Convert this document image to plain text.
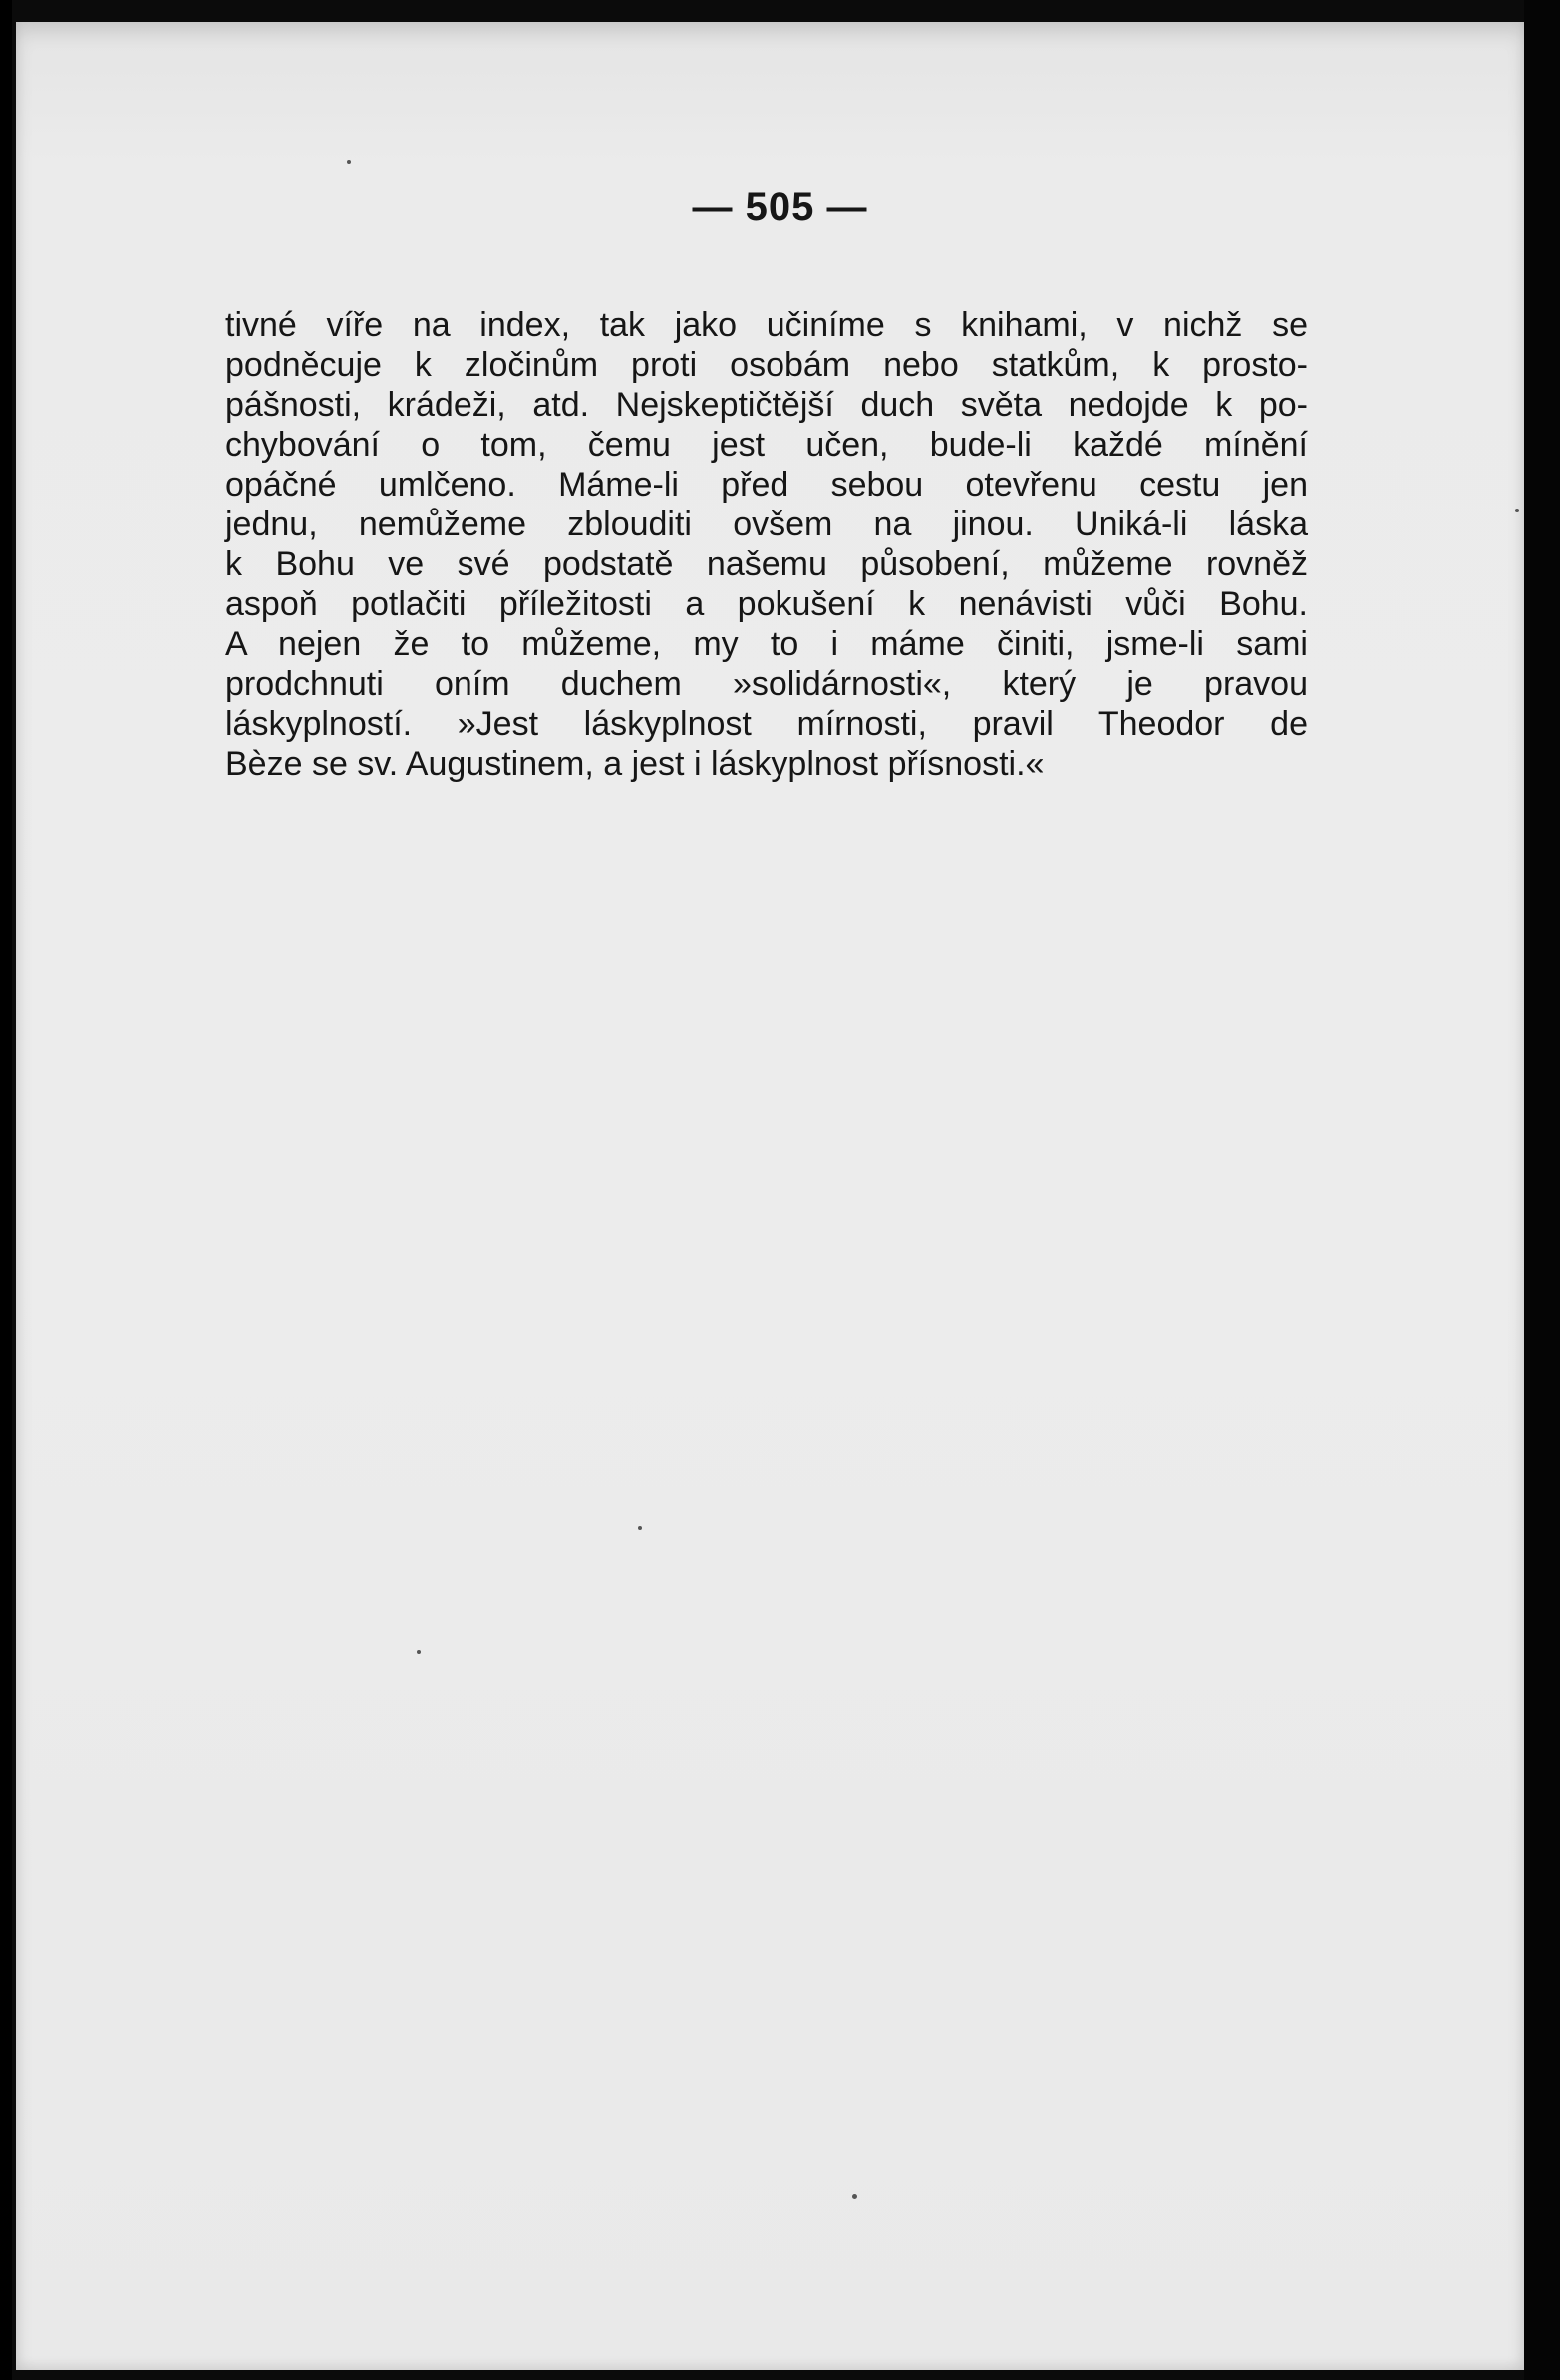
— 505 —
tivné víře na index, tak jako učiníme s knihami, v nichž se
podněcuje k zločinům proti osobám nebo statkům, k prosto-
pášnosti, krádeži, atd. Nejskeptičtější duch světa nedojde k po-
chybování o tom, čemu jest učen, bude-li každé mínění
opáčné umlčeno. Máme-li před sebou otevřenu cestu jen
jednu, nemůžeme zblouditi ovšem na jinou. Uniká-li láska
k Bohu ve své podstatě našemu působení, můžeme rovněž
aspoň potlačiti příležitosti a pokušení k nenávisti vůči Bohu.
A nejen že to můžeme, my to i máme činiti, jsme-li sami
prodchnuti oním duchem »solidárnosti«, který je pravou
láskyplností. »Jest láskyplnost mírnosti, pravil Theodor de
Bèze se sv. Augustinem, a jest i láskyplnost přísnosti.«
